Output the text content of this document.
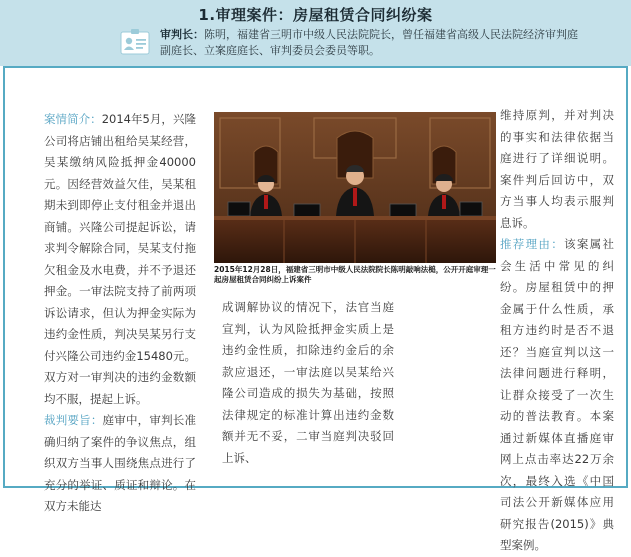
1.审理案件：房屋租赁合同纠纷案
审判长：陈明，福建省三明市中级人民法院院长，曾任福建省高级人民法院经济审判庭副庭长、立案庭庭长、审判委员会委员等职。

案情简介：2014年5月，兴隆公司将店铺出租给吴某经营，吴某缴纳风险抵押金40000元。因经营效益欠佳，吴某租期未到即停止支付租金并退出商铺。兴隆公司提起诉讼，请求判令解除合同，吴某支付拖欠租金及水电费，并不予退还押金。一审法院支持了前两项诉讼请求，但认为押金实际为违约金性质，判决吴某另行支付兴隆公司违约金15480元。双方对一审判决的违约金数额均不服，提起上诉。

裁判要旨：庭审中，审判长准确归纳了案件的争议焦点，组织双方当事人围绕焦点进行了充分的举证、质证和辩论。在双方未能达

2015年12月28日，福建省三明市中级人民法院院长陈明敲响法槌，公开开庭审理一起房屋租赁合同纠纷上诉案件

成调解协议的情况下，法官当庭宣判，认为风险抵押金实质上是违约金性质，扣除违约金后的余款应退还，一审法庭以吴某给兴隆公司造成的损失为基础，按照法律规定的标准计算出违约金数额并无不妥，二审当庭判决驳回上诉、

维持原判，并对判决的事实和法律依据当庭进行了详细说明。案件判后回访中，双方当事人均表示服判息诉。

推荐理由：该案属社会生活中常见的纠纷。房屋租赁中的押金属于什么性质，承租方违约时是否不退还？当庭宣判以这一法律问题进行释明，让群众接受了一次生动的普法教育。本案通过新媒体直播庭审网上点击率达22万余次，最终入选《中国司法公开新媒体应用研究报告(2015)》典型案例。
